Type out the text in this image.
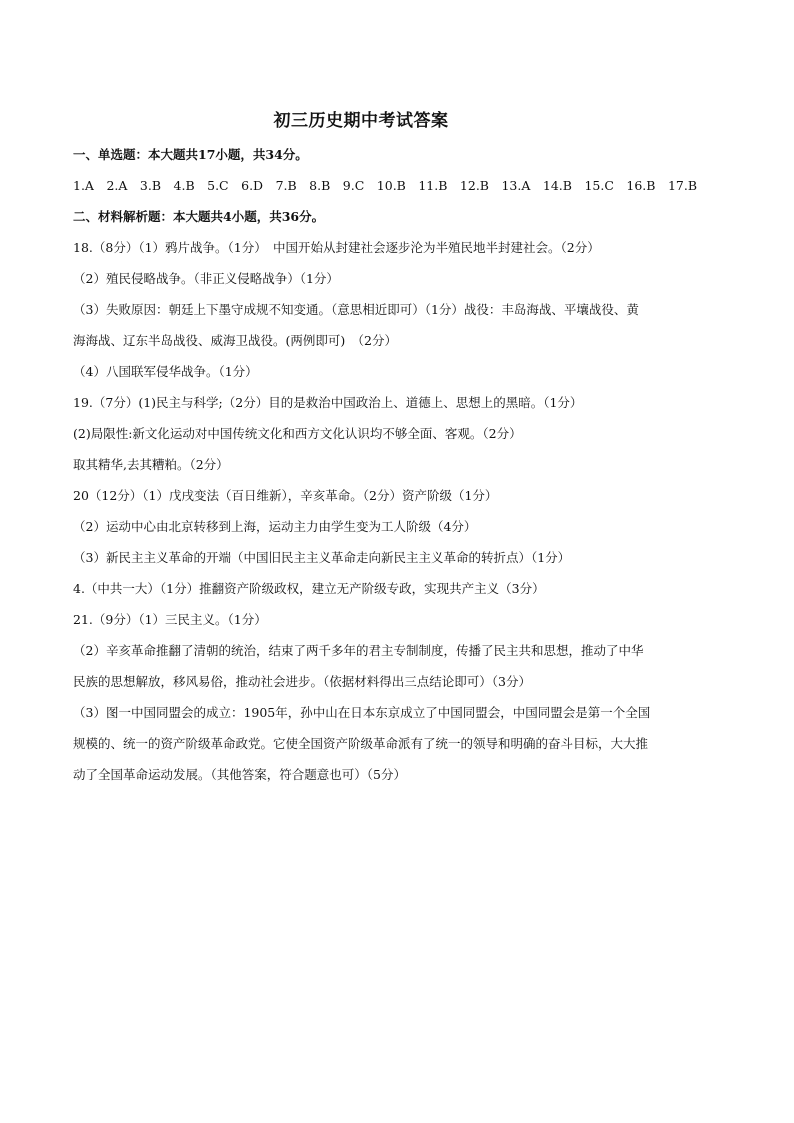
初三历史期中考试答案
一、单选题：本大题共17小题，共34分。
1.A　2.A　3.B　4.B　5.C　6.D　7.B　8.B　9.C　10.B　11.B　12.B　13.A　14.B　15.C　16.B　17.B
二、材料解析题：本大题共4小题，共36分。
18.（8分）（1）鸦片战争。（1分）　中国开始从封建社会逐步沦为半殖民地半封建社会。（2分）
（2）殖民侵略战争。（非正义侵略战争）（1分）
（3）失败原因：朝廷上下墨守成规不知变通。（意思相近即可）（1分）战役：丰岛海战、平壤战役、黄
海海战、辽东半岛战役、威海卫战役。(两例即可)　（2分）
（4）八国联军侵华战争。（1分）
19.（7分）(1)民主与科学;（2分）目的是救治中国政治上、道德上、思想上的黑暗。（1分）
(2)局限性:新文化运动对中国传统文化和西方文化认识均不够全面、客观。（2分）
取其精华,去其糟粕。（2分）
20（12分）（1）戊戌变法（百日维新），辛亥革命。（2分）资产阶级（1分）
（2）运动中心由北京转移到上海，运动主力由学生变为工人阶级（4分）
（3）新民主主义革命的开端（中国旧民主主义革命走向新民主主义革命的转折点）（1分）
4.（中共一大）（1分）推翻资产阶级政权，建立无产阶级专政，实现共产主义（3分）
21.（9分）（1）三民主义。（1分）
（2）辛亥革命推翻了清朝的统治，结束了两千多年的君主专制制度，传播了民主共和思想，推动了中华
民族的思想解放，移风易俗，推动社会进步。（依据材料得出三点结论即可）（3分）
（3）图一中国同盟会的成立：1905年，孙中山在日本东京成立了中国同盟会，中国同盟会是第一个全国
规模的、统一的资产阶级革命政党。它使全国资产阶级革命派有了统一的领导和明确的奋斗目标，大大推
动了全国革命运动发展。（其他答案，符合题意也可）（5分）
